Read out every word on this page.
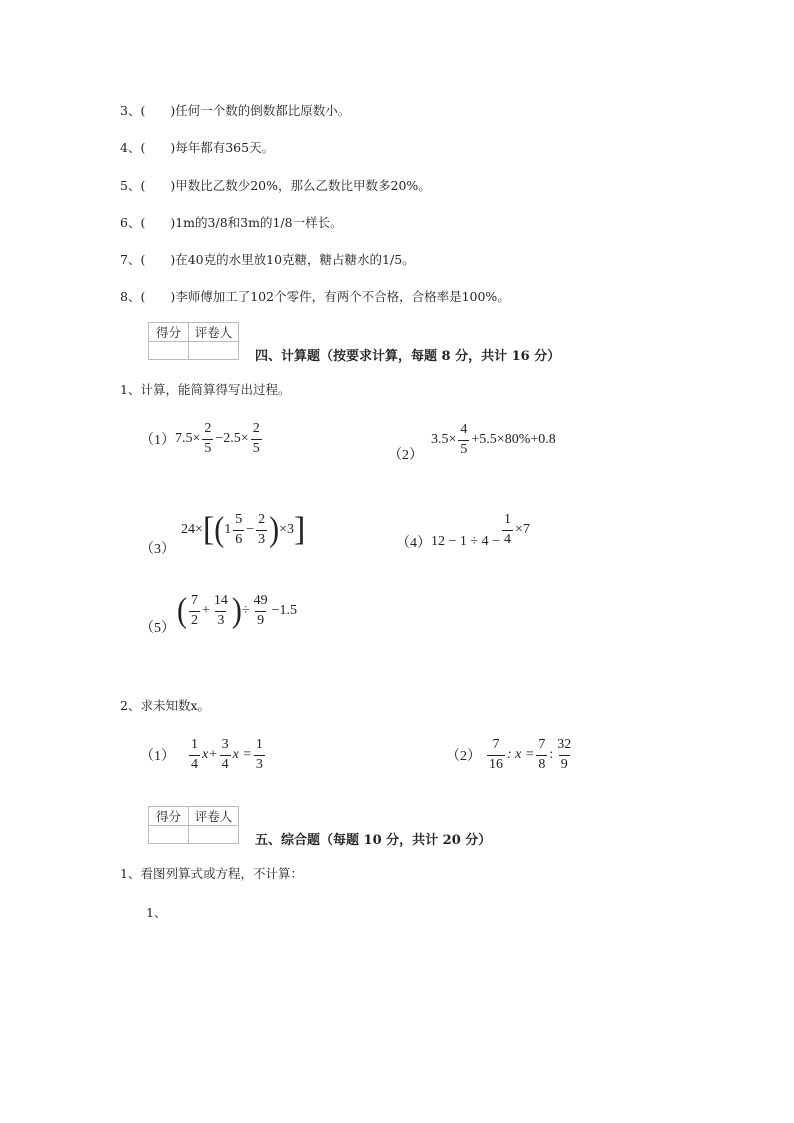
3、(　　)任何一个数的倒数都比原数小。
4、(　　)每年都有365天。
5、(　　)甲数比乙数少20%，那么乙数比甲数多20%。
6、(　　)1m的3/8和3m的1/8一样长。
7、(　　)在40克的水里放10克糖，糖占糖水的1/5。
8、(　　)李师傅加工了102个零件，有两个不合格，合格率是100%。
得分	评卷人

四、计算题（按要求计算，每题 8 分，共计 16 分）
1、计算，能简算得写出过程。
（1） $7.5\times \frac{2}{5} -2.5\times \frac{2}{5}$	（2）
$3.5\times \frac{4}{5} +5.5\times 80\%+0.8$
（3）
24× [ ( $1 \frac{5}{6} - \frac{2}{3}$ ) ×3 ]	（4） $12 - 1 \div 4 - \frac{1}{4} \times 7$
（5） ( $\frac{7}{2} + \frac{14}{3}$ ) ÷ $\frac{49}{9} -1.5$
2、求未知数x。
$(1) \frac{1}{4} x+ \frac{3}{4}$ $x = \frac{1}{3}$	$(2) \frac{7}{16}$ : $x = \frac{7}{8}$ : $\frac{32}{9}$
得分	评卷人

五、综合题（每题 10 分，共计 20 分）
1、看图列算式或方程，不计算：
1、
